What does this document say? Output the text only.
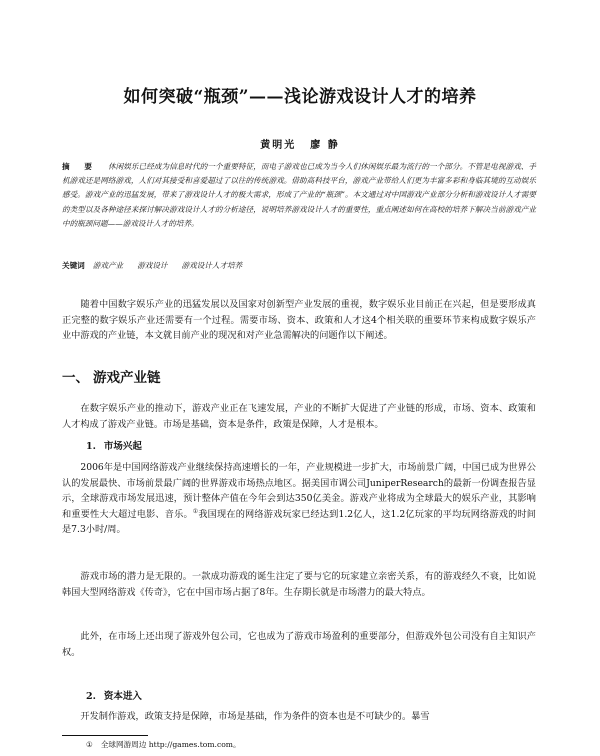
如何突破“瓶颈”——浅论游戏设计人才的培养
黄明光 廖 静
摘 要 休闲娱乐已经成为信息时代的一个重要特征，而电子游戏也已成为当今人们休闲娱乐最为流行的一个部分。不管是电视游戏、手机游戏还是网络游戏，人们对其接受和喜爱超过了以往的传统游戏。借助高科技平台，游戏产业带给人们更为丰富多彩和身临其境的互动娱乐感受。游戏产业的迅猛发展，带来了游戏设计人才的极大需求，形成了产业的“瓶颈”。本文通过对中国游戏产业部分分析和游戏设计人才需要的类型以及各种途径来探讨解决游戏设计人才的分析途径，说明培养游戏设计人才的重要性，重点阐述如何在高校的培养下解决当前游戏产业中的瓶颈问题——游戏设计人才的培养。
关键词 游戏产业 游戏设计 游戏设计人才培养

随着中国数字娱乐产业的迅猛发展以及国家对创新型产业发展的重视，数字娱乐业目前正在兴起，但是要形成真正完整的数字娱乐产业还需要有一个过程。需要市场、资本、政策和人才这4个相关联的重要环节来构成数字娱乐产业中游戏的产业链，本文就目前产业的现况和对产业急需解决的问题作以下阐述。

一、 游戏产业链

在数字娱乐产业的推动下，游戏产业正在飞速发展，产业的不断扩大促进了产业链的形成，市场、资本、政策和人才构成了游戏产业链。市场是基础，资本是条件，政策是保障，人才是根本。

1. 市场兴起

2006年是中国网络游戏产业继续保持高速增长的一年，产业规模进一步扩大，市场前景广阔，中国已成为世界公认的发展最快、市场前景最广阔的世界游戏市场热点地区。据美国市调公司JuniperResearch的最新一份调查报告显示，全球游戏市场发展迅速，预计整体产值在今年会到达350亿美金。游戏产业将成为全球最大的娱乐产业，其影响和重要性大大超过电影、音乐。①我国现在的网络游戏玩家已经达到1.2亿人，这1.2亿玩家的平均玩网络游戏的时间是7.3小时/周。

游戏市场的潜力是无限的。一款成功游戏的诞生注定了要与它的玩家建立亲密关系，有的游戏经久不衰，比如说韩国大型网络游戏《传奇》，它在中国市场占据了8年。生存期长就是市场潜力的最大特点。

此外，在市场上还出现了游戏外包公司，它也成为了游戏市场盈利的重要部分，但游戏外包公司没有自主知识产权。

2. 资本进入

开发制作游戏，政策支持是保障，市场是基础，作为条件的资本也是不可缺少的。暴雪

① 全球网游周边 http://games.tom.com。
